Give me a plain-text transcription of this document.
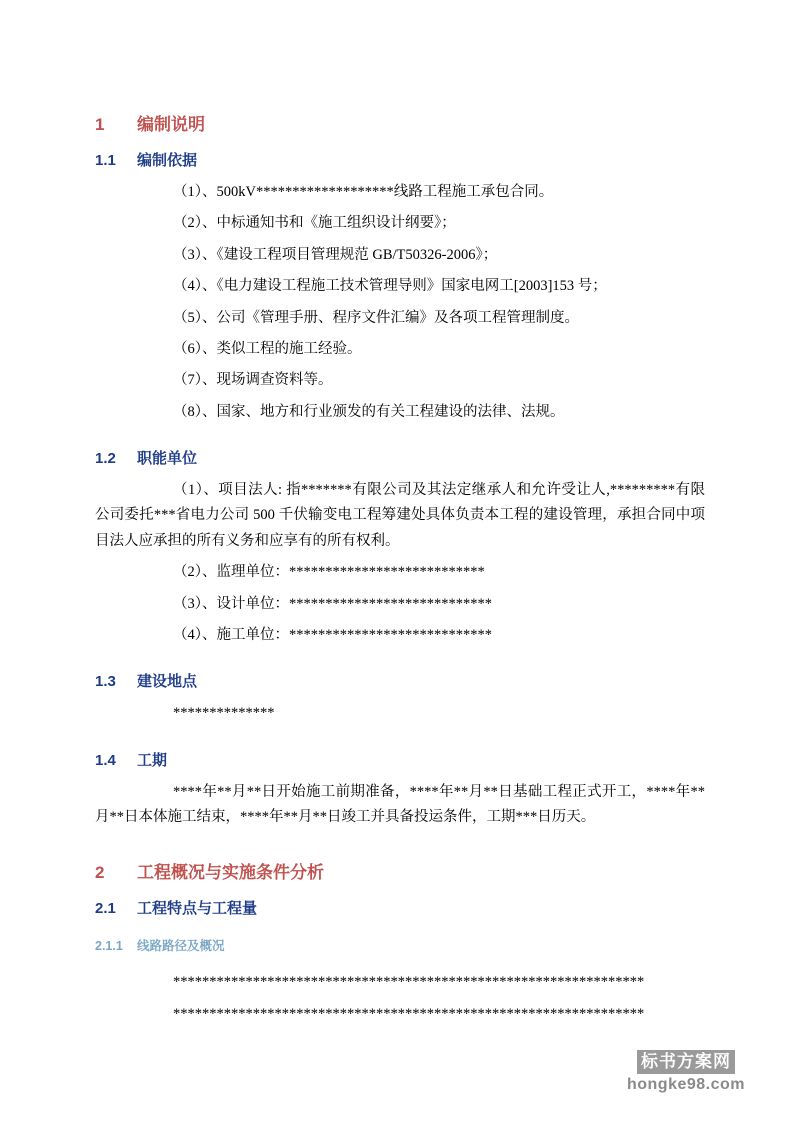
1	编制说明
1.1	编制依据

（1）、500kV*******************线路工程施工承包合同。

（2）、中标通知书和《施工组织设计纲要》；

（3）、《建设工程项目管理规范 GB/T50326-2006》；

（4）、《电力建设工程施工技术管理导则》国家电网工[2003]153 号；

（5）、公司《管理手册、程序文件汇编》及各项工程管理制度。

（6）、类似工程的施工经验。

（7）、现场调查资料等。

（8）、国家、地方和行业颁发的有关工程建设的法律、法规。

1.2	职能单位

（1）、项目法人: 指*******有限公司及其法定继承人和允许受让人,*********有限公司委托***省电力公司 500 千伏输变电工程筹建处具体负责本工程的建设管理，承担合同中项目法人应承担的所有义务和应享有的所有权利。

（2）、监理单位：***************************

（3）、设计单位：****************************

（4）、施工单位：****************************

1.3	建设地点

**************

1.4	工期

****年**月**日开始施工前期准备，****年**月**日基础工程正式开工，****年**月**日本体施工结束，****年**月**日竣工并具备投运条件，工期***日历天。

2	工程概况与实施条件分析
2.1	工程特点与工程量
2.1.1	线路路径及概况

*****************************************************************

*****************************************************************

标书方案网
hongke98.com
